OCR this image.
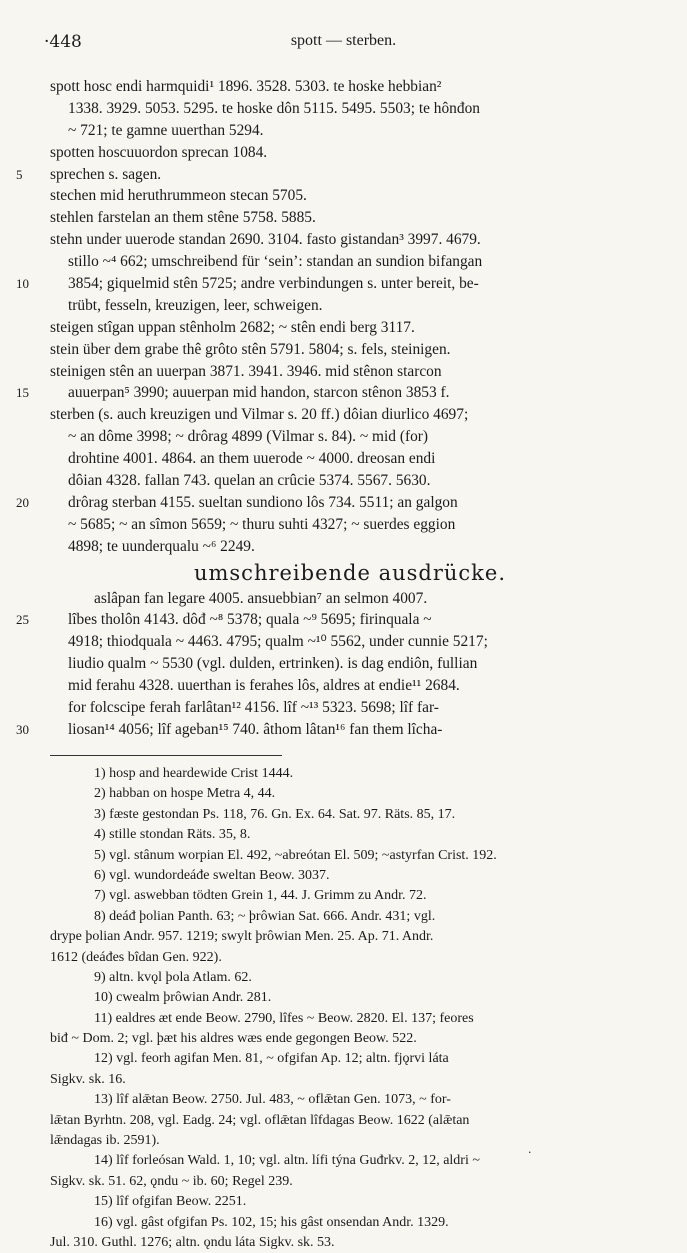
·448	spott — sterben.
spott hosc endi harmquidi¹ 1896. 3528. 5303. te hoske hebbian²
1338. 3929. 5053. 5295. te hoske dôn 5115. 5495. 5503; te hônđon
~ 721; te gamne uuerthan 5294.
spotten hoscuuordon sprecan 1084.
5 sprechen s. sagen.
stechen mid heruthrummeon stecan 5705.
stehlen farstelan an them stêne 5758. 5885.
stehn under uuerode standan 2690. 3104. fasto gistandan³ 3997. 4679.
stillo ~⁴ 662; umschreibend für ‘sein’: standan an sundion bifangan
10	3854; giquelmid stên 5725; andre verbindungen s. unter bereit, be-
trübt, fesseln, kreuzigen, leer, schweigen.
steigen stîgan uppan stênholm 2682; ~ stên endi berg 3117.
stein über dem grabe thê grôto stên 5791. 5804; s. fels, steinigen.
steinigen stên an uuerpan 3871. 3941. 3946. mid stênon starcon
15	auuerpan⁵ 3990; auuerpan mid handon, starcon stênon 3853 f.
sterben (s. auch kreuzigen und Vilmar s. 20 ff.) dôian diurlico 4697;
~ an dôme 3998; ~ drôrag 4899 (Vilmar s. 84). ~ mid (for)
drohtine 4001. 4864. an them uuerode ~ 4000. dreosan endi
dôian 4328. fallan 743. quelan an crûcie 5374. 5567. 5630.
20	drôrag sterban 4155. sueltan sundiono lôs 734. 5511; an galgon
~ 5685; ~ an sîmon 5659; ~ thuru suhti 4327; ~ suerdes eggion
4898; te uunderqualu ~⁶ 2249.
umschreibende ausdrücke.
aslâpan fan legare 4005. ansuebbian⁷ an selmon 4007.
25	lîbes tholôn 4143. dôđ ~⁸ 5378; quala ~⁹ 5695; firinquala ~
4918; thiodquala ~ 4463. 4795; qualm ~¹⁰ 5562, under cunnie 5217;
liudio qualm ~ 5530 (vgl. dulden, ertrinken). is dag endiôn, fullian
mid ferahu 4328. uuerthan is ferahes lôs, aldres at endie¹¹ 2684.
for folcscipe ferah farlâtan¹² 4156. lîf ~¹³ 5323. 5698; lîf far-
30	liosan¹⁴ 4056; lîf ageban¹⁵ 740. âthom lâtan¹⁶ fan them lîcha-
1) hosp and heardewide Crist 1444.
2) habban on hospe Metra 4, 44.
3) fæste gestondan Ps. 118, 76. Gn. Ex. 64. Sat. 97. Räts. 85, 17.
4) stille stondan Räts. 35, 8.
5) vgl. stânum worpian El. 492, ~abreótan El. 509; ~astyrfan Crist. 192.
6) vgl. wundordeáđe sweltan Beow. 3037.
7) vgl. aswebban tödten Grein 1, 44. J. Grimm zu Andr. 72.
8) deáđ þolian Panth. 63; ~ þrôwian Sat. 666. Andr. 431; vgl.
drype þolian Andr. 957. 1219; swylt þrôwian Men. 25. Ap. 71. Andr.
1612 (deáđes bîdan Gen. 922).
9) altn. kvǫl þola Atlam. 62.
10) cwealm þrôwian Andr. 281.
11) ealdres æt ende Beow. 2790, lîfes ~ Beow. 2820. El. 137; feores
biđ ~ Dom. 2; vgl. þæt his aldres wæs ende gegongen Beow. 522.
12) vgl. feorh agifan Men. 81, ~ ofgifan Ap. 12; altn. fjǫrvi láta
Sigkv. sk. 16.
13) lîf alǣtan Beow. 2750. Jul. 483, ~ oflǣtan Gen. 1073, ~ for-
lǣtan Byrhtn. 208, vgl. Eadg. 24; vgl. oflǣtan lîfdagas Beow. 1622 (alǣtan
lǣndagas ib. 2591).
14) lîf forleósan Wald. 1, 10; vgl. altn. lífi týna Guđrkv. 2, 12, aldri ~
Sigkv. sk. 51. 62, ǫndu ~ ib. 60; Regel 239.
15) lîf ofgifan Beow. 2251.
16) vgl. gâst ofgifan Ps. 102, 15; his gâst onsendan Andr. 1329.
Jul. 310. Guthl. 1276; altn. ǫndu láta Sigkv. sk. 53.
·
